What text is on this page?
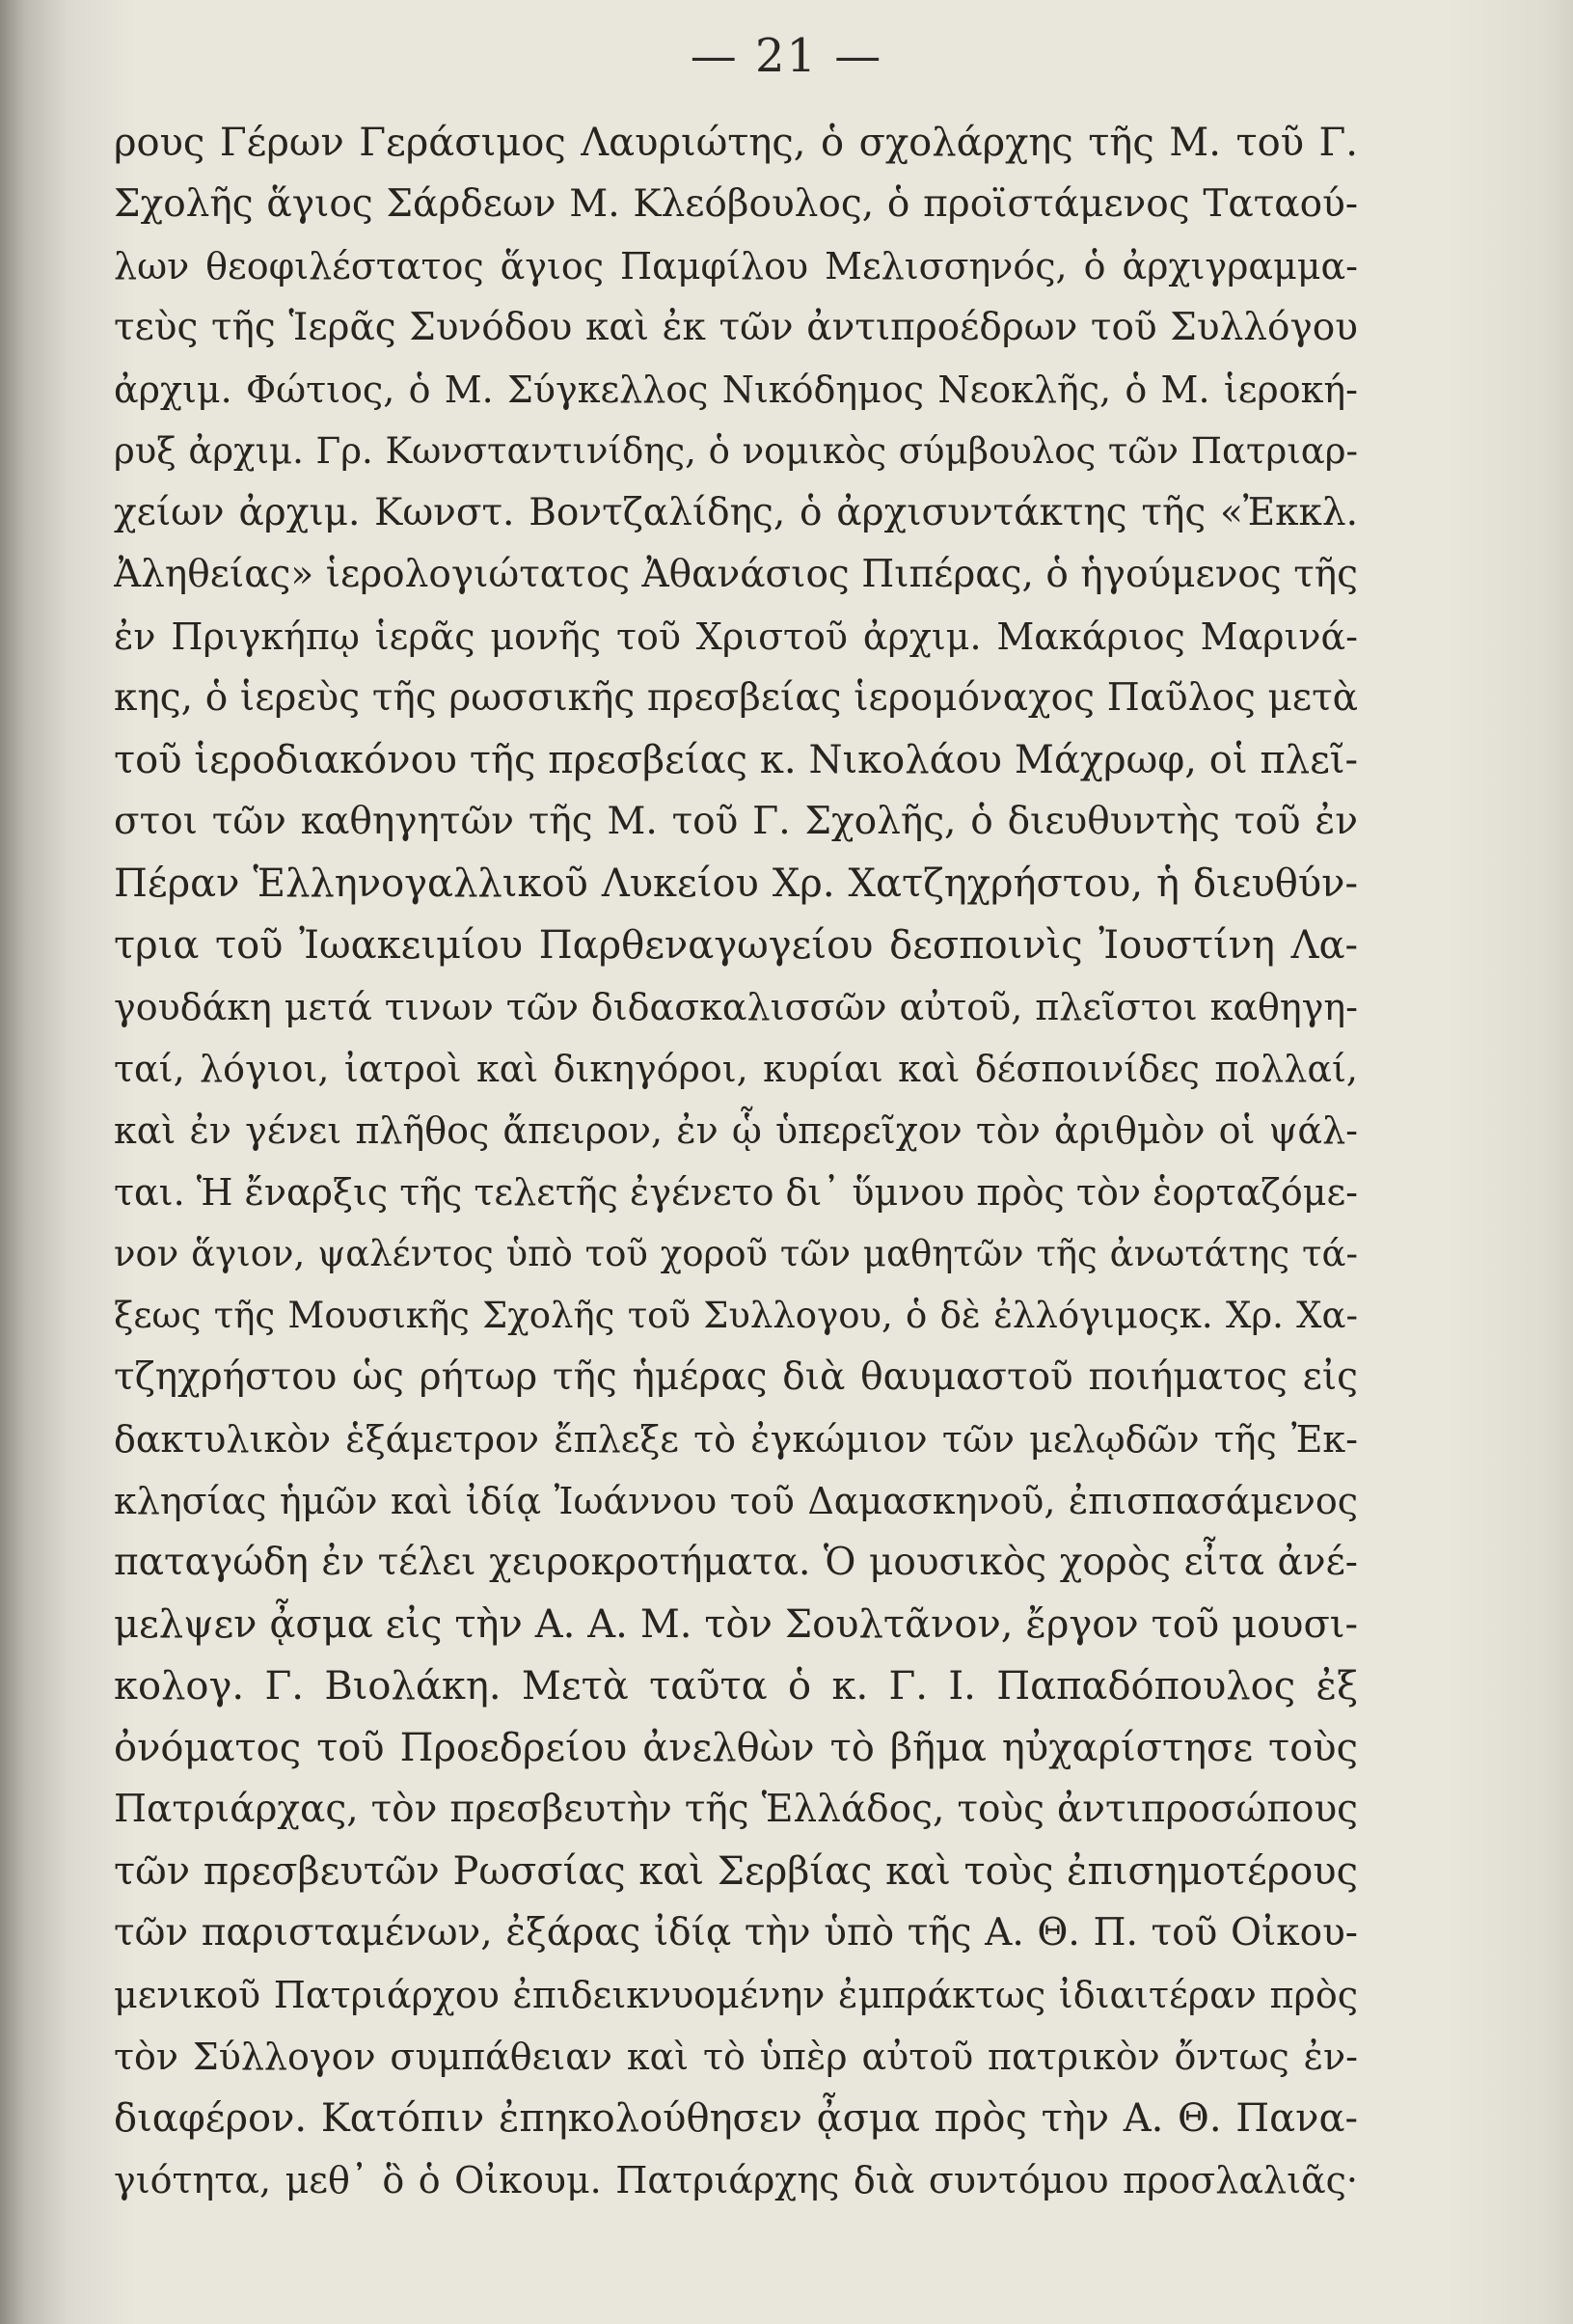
— 21 —
ρους Γέρων Γεράσιμος Λαυριώτης, ὁ σχολάρχης τῆς Μ. τοῦ Γ.
Σχολῆς ἅγιος Σάρδεων Μ. Κλεόβουλος, ὁ προϊστάμενος Ταταού-
λων θεοφιλέστατος ἅγιος Παμφίλου Μελισσηνός, ὁ ἀρχιγραμμα-
τεὺς τῆς Ἱερᾶς Συνόδου καὶ ἐκ τῶν ἀντιπροέδρων τοῦ Συλλόγου
ἀρχιμ. Φώτιος, ὁ Μ. Σύγκελλος Νικόδημος Νεοκλῆς, ὁ Μ. ἱεροκή-
ρυξ ἀρχιμ. Γρ. Κωνσταντινίδης, ὁ νομικὸς σύμβουλος τῶν Πατριαρ-
χείων ἀρχιμ. Κωνστ. Βοντζαλίδης, ὁ ἀρχισυντάκτης τῆς «Ἐκκλ.
Ἀληθείας» ἱερολογιώτατος Ἀθανάσιος Πιπέρας, ὁ ἡγούμενος τῆς
ἐν Πριγκήπῳ ἱερᾶς μονῆς τοῦ Χριστοῦ ἀρχιμ. Μακάριος Μαρινά-
κης, ὁ ἱερεὺς τῆς ρωσσικῆς πρεσβείας ἱερομόναχος Παῦλος μετὰ
τοῦ ἱεροδιακόνου τῆς πρεσβείας κ. Νικολάου Μάχρωφ, οἱ πλεῖ-
στοι τῶν καθηγητῶν τῆς Μ. τοῦ Γ. Σχολῆς, ὁ διευθυντὴς τοῦ ἐν
Πέραν Ἑλληνογαλλικοῦ Λυκείου Χρ. Χατζηχρήστου, ἡ διευθύν-
τρια τοῦ Ἰωακειμίου Παρθεναγωγείου δεσποινὶς Ἰουστίνη Λα-
γουδάκη μετά τινων τῶν διδασκαλισσῶν αὐτοῦ, πλεῖστοι καθηγη-
ταί, λόγιοι, ἰατροὶ καὶ δικηγόροι, κυρίαι καὶ δέσποινίδες πολλαί,
καὶ ἐν γένει πλῆθος ἄπειρον, ἐν ᾧ ὑπερεῖχον τὸν ἀριθμὸν οἱ ψάλ-
ται. Ἡ ἔναρξις τῆς τελετῆς ἐγένετο δι᾽ ὕμνου πρὸς τὸν ἑορταζόμε-
νον ἅγιον, ψαλέντος ὑπὸ τοῦ χοροῦ τῶν μαθητῶν τῆς ἀνωτάτης τά-
ξεως τῆς Μουσικῆς Σχολῆς τοῦ Συλλογου, ὁ δὲ ἐλλόγιμοςκ. Χρ. Χα-
τζηχρήστου ὡς ρήτωρ τῆς ἡμέρας διὰ θαυμαστοῦ ποιήματος εἰς
δακτυλικὸν ἑξάμετρον ἔπλεξε τὸ ἐγκώμιον τῶν μελῳδῶν τῆς Ἐκ-
κλησίας ἡμῶν καὶ ἰδίᾳ Ἰωάννου τοῦ Δαμασκηνοῦ, ἐπισπασάμενος
παταγώδη ἐν τέλει χειροκροτήματα. Ὁ μουσικὸς χορὸς εἶτα ἀνέ-
μελψεν ᾆσμα εἰς τὴν Α. Α. Μ. τὸν Σουλτᾶνον, ἔργον τοῦ μουσι-
κολογ. Γ. Βιολάκη. Μετὰ ταῦτα ὁ κ. Γ. Ι. Παπαδόπουλος ἐξ
ὀνόματος τοῦ Προεδρείου ἀνελθὼν τὸ βῆμα ηὐχαρίστησε τοὺς
Πατριάρχας, τὸν πρεσβευτὴν τῆς Ἑλλάδος, τοὺς ἀντιπροσώπους
τῶν πρεσβευτῶν Ρωσσίας καὶ Σερβίας καὶ τοὺς ἐπισημοτέρους
τῶν παρισταμένων, ἐξάρας ἰδίᾳ τὴν ὑπὸ τῆς Α. Θ. Π. τοῦ Οἰκου-
μενικοῦ Πατριάρχου ἐπιδεικνυομένην ἐμπράκτως ἰδιαιτέραν πρὸς
τὸν Σύλλογον συμπάθειαν καὶ τὸ ὑπὲρ αὐτοῦ πατρικὸν ὄντως ἐν-
διαφέρον. Κατόπιν ἐπηκολούθησεν ᾆσμα πρὸς τὴν Α. Θ. Πανα-
γιότητα, μεθ᾽ ὃ ὁ Οἰκουμ. Πατριάρχης διὰ συντόμου προσλαλιᾶς·
